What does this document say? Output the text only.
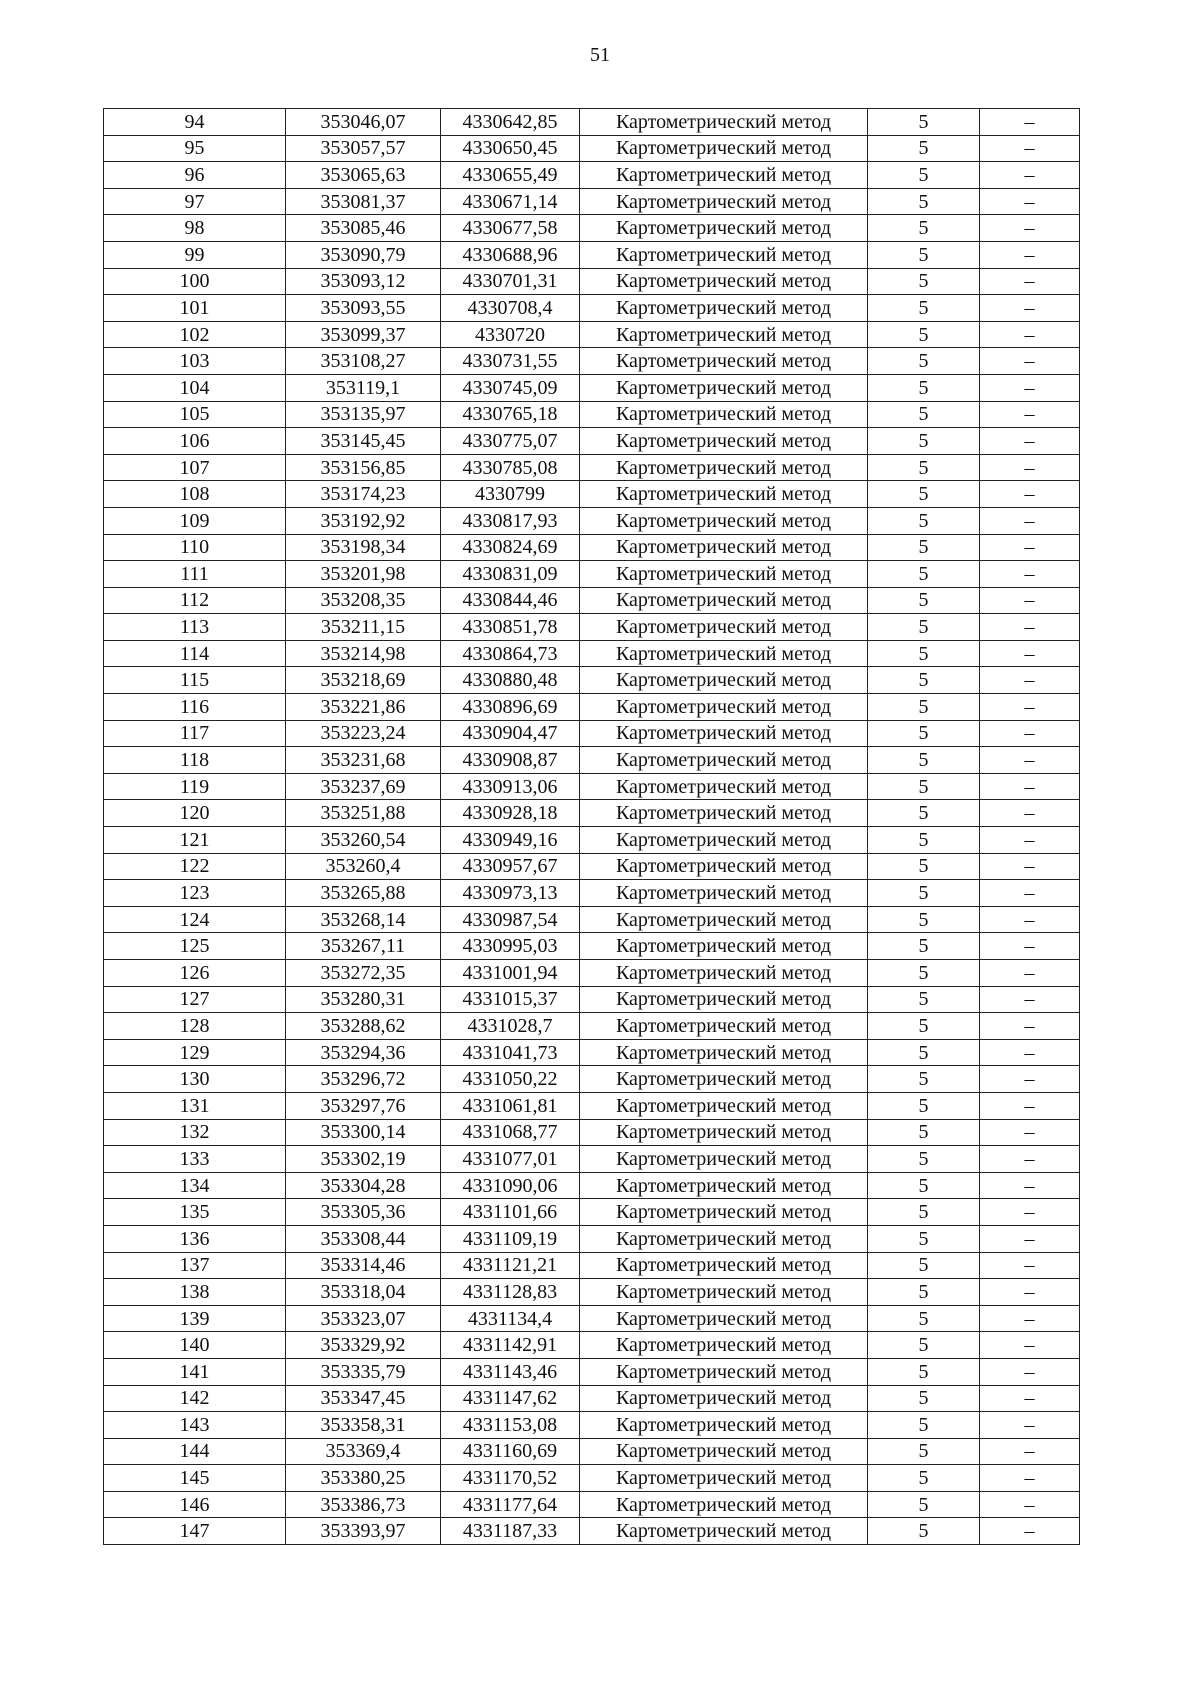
51
94	353046,07	4330642,85	Картометрический метод	5	–
95	353057,57	4330650,45	Картометрический метод	5	–
96	353065,63	4330655,49	Картометрический метод	5	–
97	353081,37	4330671,14	Картометрический метод	5	–
98	353085,46	4330677,58	Картометрический метод	5	–
99	353090,79	4330688,96	Картометрический метод	5	–
100	353093,12	4330701,31	Картометрический метод	5	–
101	353093,55	4330708,4	Картометрический метод	5	–
102	353099,37	4330720	Картометрический метод	5	–
103	353108,27	4330731,55	Картометрический метод	5	–
104	353119,1	4330745,09	Картометрический метод	5	–
105	353135,97	4330765,18	Картометрический метод	5	–
106	353145,45	4330775,07	Картометрический метод	5	–
107	353156,85	4330785,08	Картометрический метод	5	–
108	353174,23	4330799	Картометрический метод	5	–
109	353192,92	4330817,93	Картометрический метод	5	–
110	353198,34	4330824,69	Картометрический метод	5	–
111	353201,98	4330831,09	Картометрический метод	5	–
112	353208,35	4330844,46	Картометрический метод	5	–
113	353211,15	4330851,78	Картометрический метод	5	–
114	353214,98	4330864,73	Картометрический метод	5	–
115	353218,69	4330880,48	Картометрический метод	5	–
116	353221,86	4330896,69	Картометрический метод	5	–
117	353223,24	4330904,47	Картометрический метод	5	–
118	353231,68	4330908,87	Картометрический метод	5	–
119	353237,69	4330913,06	Картометрический метод	5	–
120	353251,88	4330928,18	Картометрический метод	5	–
121	353260,54	4330949,16	Картометрический метод	5	–
122	353260,4	4330957,67	Картометрический метод	5	–
123	353265,88	4330973,13	Картометрический метод	5	–
124	353268,14	4330987,54	Картометрический метод	5	–
125	353267,11	4330995,03	Картометрический метод	5	–
126	353272,35	4331001,94	Картометрический метод	5	–
127	353280,31	4331015,37	Картометрический метод	5	–
128	353288,62	4331028,7	Картометрический метод	5	–
129	353294,36	4331041,73	Картометрический метод	5	–
130	353296,72	4331050,22	Картометрический метод	5	–
131	353297,76	4331061,81	Картометрический метод	5	–
132	353300,14	4331068,77	Картометрический метод	5	–
133	353302,19	4331077,01	Картометрический метод	5	–
134	353304,28	4331090,06	Картометрический метод	5	–
135	353305,36	4331101,66	Картометрический метод	5	–
136	353308,44	4331109,19	Картометрический метод	5	–
137	353314,46	4331121,21	Картометрический метод	5	–
138	353318,04	4331128,83	Картометрический метод	5	–
139	353323,07	4331134,4	Картометрический метод	5	–
140	353329,92	4331142,91	Картометрический метод	5	–
141	353335,79	4331143,46	Картометрический метод	5	–
142	353347,45	4331147,62	Картометрический метод	5	–
143	353358,31	4331153,08	Картометрический метод	5	–
144	353369,4	4331160,69	Картометрический метод	5	–
145	353380,25	4331170,52	Картометрический метод	5	–
146	353386,73	4331177,64	Картометрический метод	5	–
147	353393,97	4331187,33	Картометрический метод	5	–
